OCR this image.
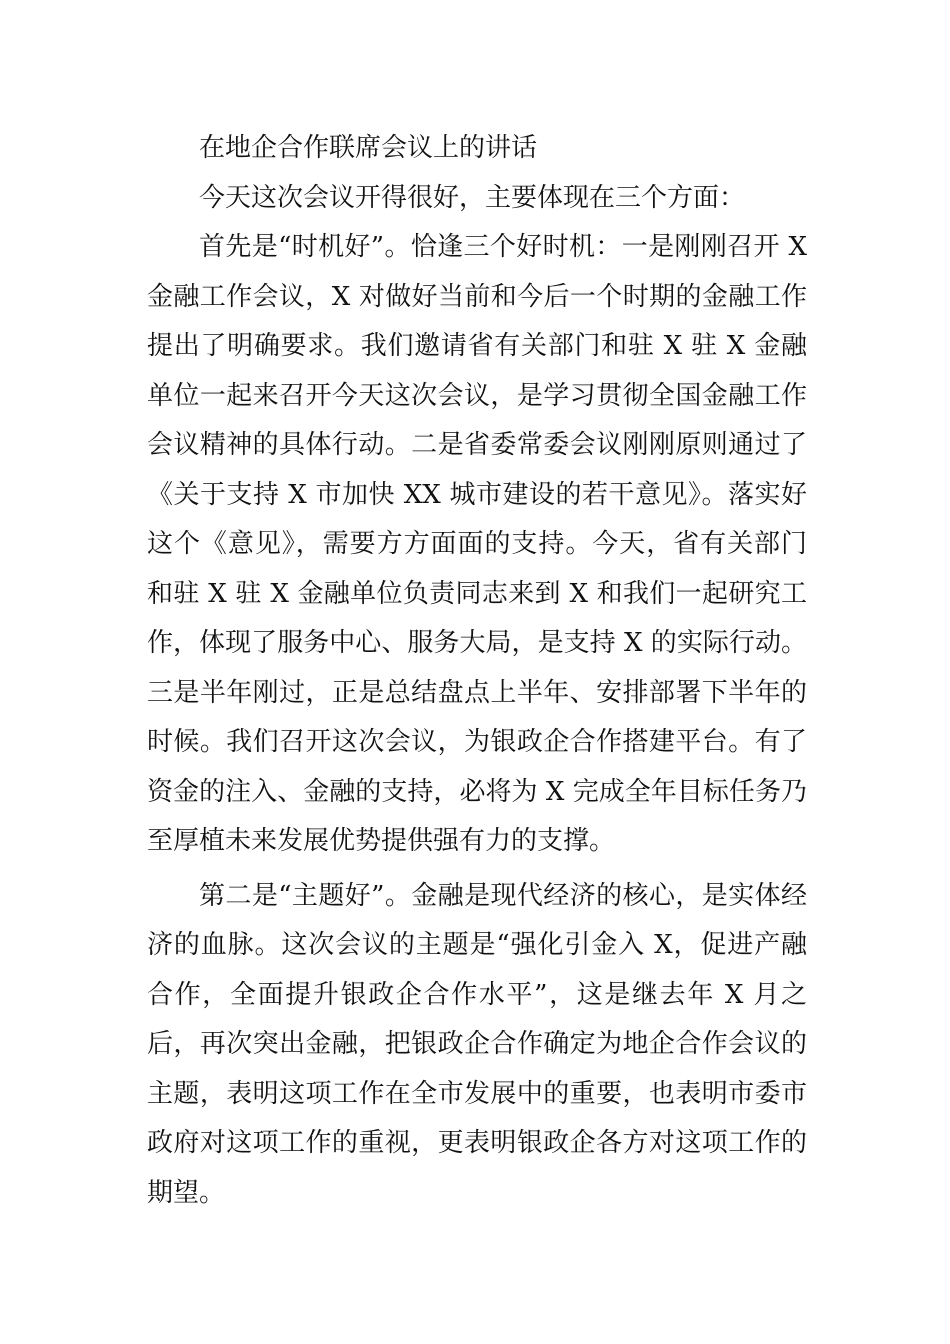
在地企合作联席会议上的讲话

今天这次会议开得很好，主要体现在三个方面：

首先是“时机好”。恰逢三个好时机：一是刚刚召开 X 金融工作会议，X 对做好当前和今后一个时期的金融工作提出了明确要求。我们邀请省有关部门和驻 X 驻 X 金融单位一起来召开今天这次会议，是学习贯彻全国金融工作会议精神的具体行动。二是省委常委会议刚刚原则通过了《关于支持 X 市加快 XX 城市建设的若干意见》。落实好这个《意见》，需要方方面面的支持。今天，省有关部门和驻 X 驻 X 金融单位负责同志来到 X 和我们一起研究工作，体现了服务中心、服务大局，是支持 X 的实际行动。三是半年刚过，正是总结盘点上半年、安排部署下半年的时候。我们召开这次会议，为银政企合作搭建平台。有了资金的注入、金融的支持，必将为 X 完成全年目标任务乃至厚植未来发展优势提供强有力的支撑。

第二是“主题好”。金融是现代经济的核心，是实体经济的血脉。这次会议的主题是“强化引金入 X，促进产融合作，全面提升银政企合作水平”，这是继去年 X 月之后，再次突出金融，把银政企合作确定为地企合作会议的主题，表明这项工作在全市发展中的重要，也表明市委市政府对这项工作的重视，更表明银政企各方对这项工作的期望。
